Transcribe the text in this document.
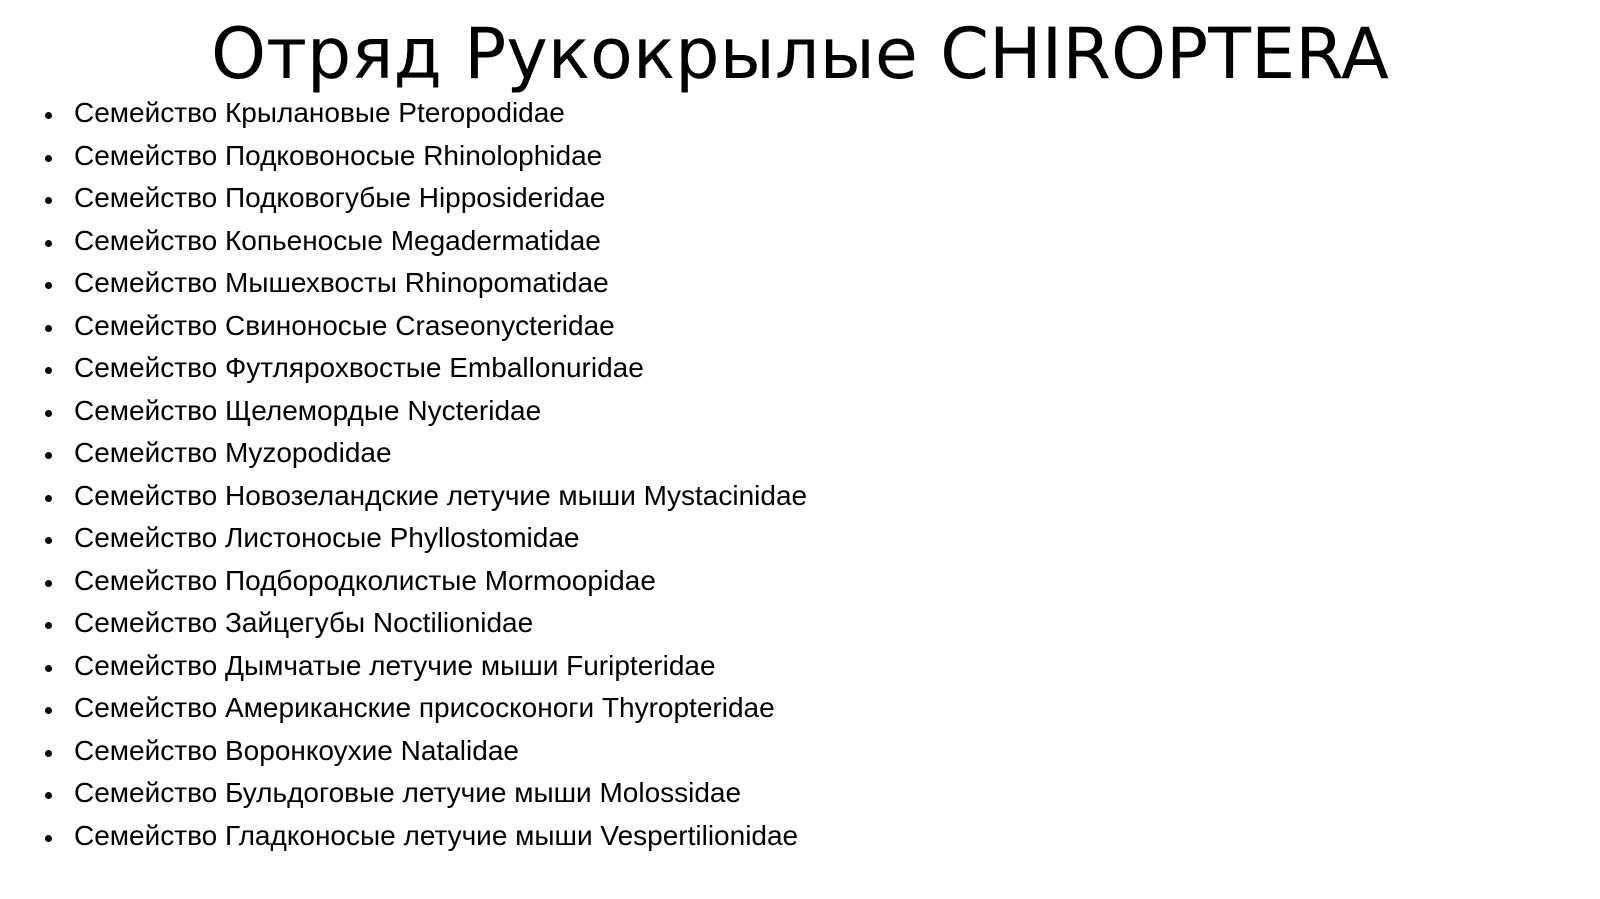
Отряд Рукокрылые CHIROPTERA
Семейство Крылановые Pteropodidae
Семейство Подковоносые Rhinolophidae
Семейство Подковогубые Hipposideridae
Семейство Копьеносые Megadermatidae
Семейство Мышехвосты Rhinopomatidae
Семейство Свиноносые Craseonycteridae
Семейство Футлярохвостые Emballonuridae
Семейство Щелемордые Nycteridae
Семейство Myzopodidae
Семейство Новозеландские летучие мыши Mystacinidae
Семейство Листоносые Phyllostomidae
Семейство Подбородколистые Mormoopidae
Семейство Зайцегубы Noctilionidae
Семейство Дымчатые летучие мыши Furipteridae
Семейство Американские присосконоги Thyropteridae
Семейство Воронкоухие Natalidae
Семейство Бульдоговые летучие мыши Molossidae
Семейство Гладконосые летучие мыши Vespertilionidae
